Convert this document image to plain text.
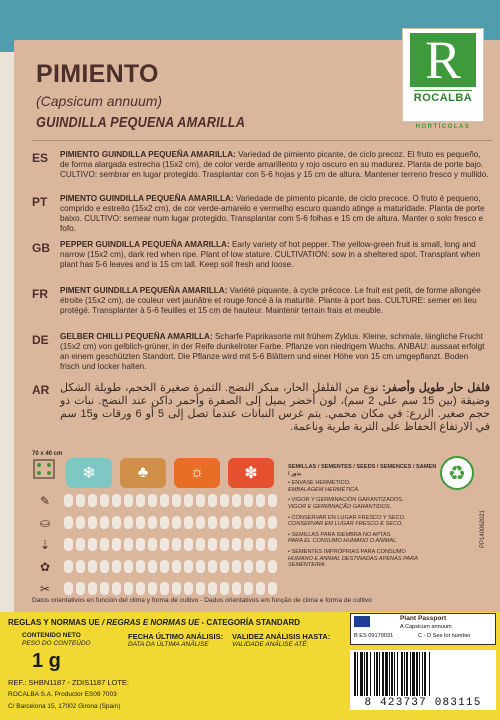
R
ROCALBA
HORTÍCOLAS
PIMIENTO
(Capsicum annuum)
GUINDILLA PEQUENA AMARILLA
ES	PIMIENTO GUINDILLA PEQUEÑA AMARILLA: Variedad de pimiento picante, de ciclo precoz. El fruto es pequeño, de forma alargada estrecha (15x2 cm), de color verde amarillento y rojo oscuro en su madurez. Planta de porte bajo. CULTIVO: sembrar en lugar protegido. Trasplantar con 5-6 hojas y 15 cm de altura. Mantener terreno fresco y mullido.
PT	PIMENTO GUINDILLA PEQUEÑA AMARILLA: Variedade de pimento picante, de ciclo precoce. O fruto é pequeno, comprido e estreito (15x2 cm), de cor verde-amarelo e vermelho escuro quando atinge a maturidade. Planta de porte baixo. CULTIVO: semear num lugar protegido. Transplantar com 5-6 folhas e 15 cm de altura. Manter o solo fresco e fofo.
GB	PEPPER GUINDILLA PEQUEÑA AMARILLA: Early variety of hot pepper. The yellow-green fruit is small, long and narrow (15x2 cm), dark red when ripe. Plant of low stature. CULTIVATION: sow in a sheltered spot. Transplant when plant has 5-6 leaves and is 15 cm tall. Keep soil fresh and loose.
FR	PIMENT GUINDILLA PEQUEÑA AMARILLA: Variété piquante, à cycle précoce. Le fruit est petit, de forme allongée étroite (15x2 cm), de couleur vert jaunâtre et rouge foncé à la maturité. Plante à port bas. CULTURE: semer en lieu protégé. Transplanter à 5-6 feuilles et 15 cm de hauteur. Maintenir terrain frais et meuble.
DE	GELBER CHILLI PEQUEÑA AMARILLA: Scharfe Paprikasorte mit frühem Zyklus. Kleine, schmale, längliche Frucht (15x2 cm) von gelblich-grüner, in der Reife dunkelroter Farbe. Pflanze von niedrigem Wuchs. ANBAU: aussaat erfolgt an einem geschützten Standort. Die Pflanze wird mit 5-6 Blättern und einer Höhe von 15 cm umgepflanzt. Boden frisch und locker halten.
AR	فلفل حار طويل وأصفر: نوع من الفلفل الحار، مبكر النضج. الثمرة صغيرة الحجم، طويلة الشكل وضيقة (بين 15 سم على 2 سم)، لون أخضر يميل إلى الصفرة وأحمر داكن عند النضج. نبات ذو حجم صغير. الزرع: في مكان محمي. يتم غرس النباتات عندما تصل إلى 5 أو 6 ورقات و15 سم في الارتفاع الحفاظ على التربة طرية وناعمة.
70 x 40 cm
❄	♣	☼ ✽
✎
⛀
⇣
✿
✂
SEMILLAS / SEMENTES / SEEDS / SEMENCES / SAMEN / بذور
• ENVASE HERMÉTICO.
EMBALAGEM HERMÉTICA.
• VIGOR Y GERMINACIÓN GARANTIZADOS.
VIGOR E GERMINAÇÃO GARANTIDOS.
• CONSERVAR EN LUGAR FRESCO Y SECO.
CONSERVAR EM LUGAR FRESCO E SECO.
• SEMILLAS PARA SIEMBRA NO APTAS
PARA EL CONSUMO HUMANO O ANIMAL.
• SEMENTES IMPRÓPRIAS PARA CONSUMO
HUMANO E ANIMAL DESTINADAS APENAS PARA SEMENTEIRA.
♻
Datos orientativos en función del clima y forma de cultivo - Dados orientativos em função de clima e forma de cultivo
PP140062021
REGLAS Y NORMAS UE / REGRAS E NORMAS UE - CATEGORÍA STANDARD
CONTENIDO NETO
PESO DO CONTEÚDO
1 g
FECHA ÚLTIMO ANÁLISIS:
DATA DA ÚLTIMA ANÁLISE
VALIDEZ ANÁLISIS HASTA:
VALIDADE ANÁLISE ATÉ:
REF.: SHBN1187 - ZDIS1187 LOTE:
ROCALBA S.A. Productor ES09 7003
C/ Barcelona 15, 17002 Girona (Spain)
Plant Passport
A Capsicum annuum
B ES 09170031	C - D See lot number
8 423737 083115
